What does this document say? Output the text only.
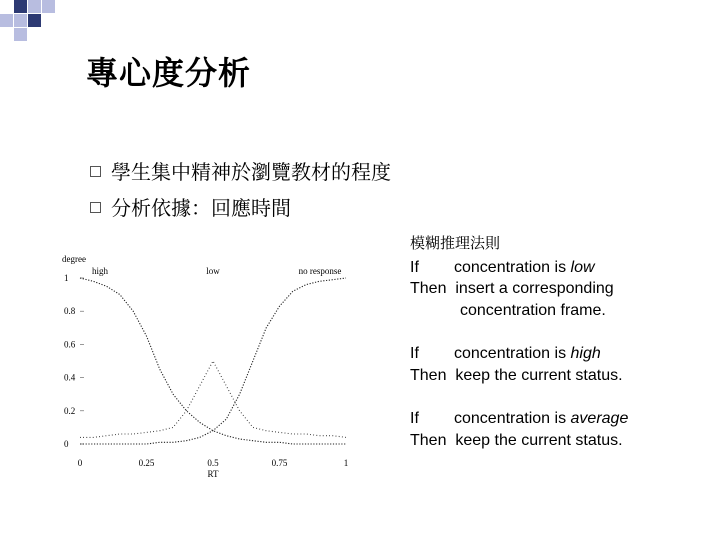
專心度分析
學生集中精神於瀏覽教材的程度
分析依據：回應時間
degree
0
0.2
0.4
0.6
0.8
1
0	0.25	0.5	0.75	1
RT
high	low	no response
模糊推理法則
If concentration is low
Then insert a corresponding
concentration frame.
If concentration is high
Then keep the current status.
If concentration is average
Then keep the current status.
